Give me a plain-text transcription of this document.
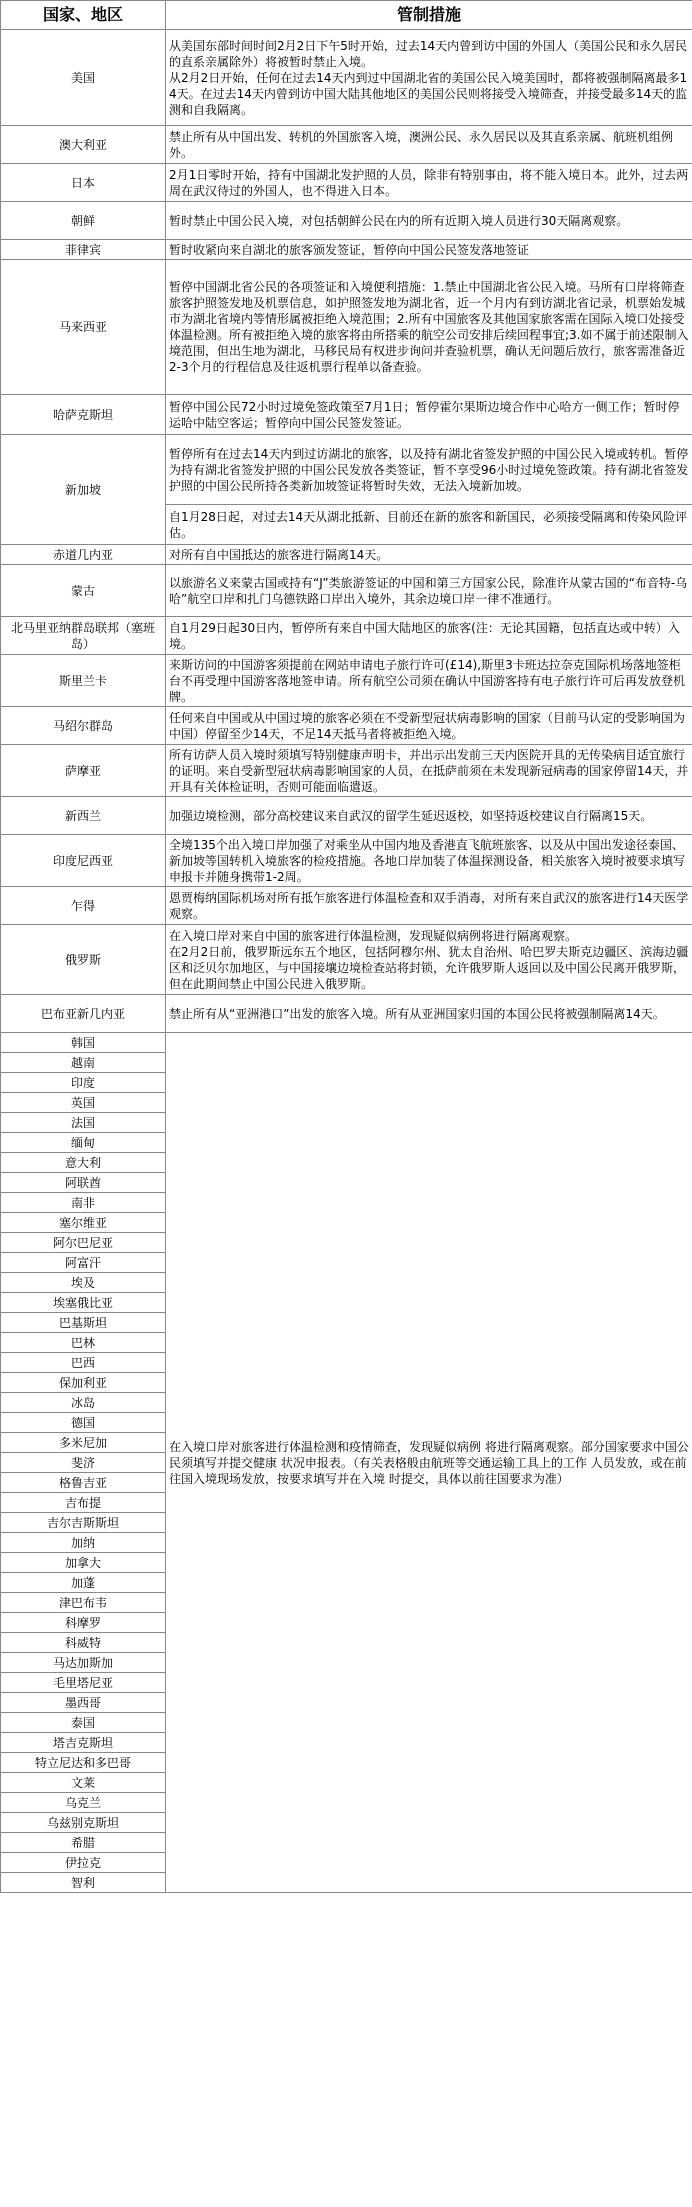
国家、地区	管制措施
美国	从美国东部时间时间2月2日下午5时开始，过去14天内曾到访中国的外国人（美国公民和永久居民的直系亲属除外）将被暂时禁止入境。
从2月2日开始，任何在过去14天内到过中国湖北省的美国公民入境美国时，都将被强制隔离最多14天。在过去14天内曾到访中国大陆其他地区的美国公民则将接受入境筛查，并接受最多14天的监测和自我隔离。
澳大利亚	禁止所有从中国出发、转机的外国旅客入境，澳洲公民、永久居民以及其直系亲属、航班机组例外。
日本	2月1日零时开始，持有中国湖北发护照的人员，除非有特别事由，将不能入境日本。此外，过去两周在武汉待过的外国人，也不得进入日本。
朝鲜	暂时禁止中国公民入境，对包括朝鲜公民在内的所有近期入境人员进行30天隔离观察。
菲律宾	暂时收紧向来自湖北的旅客颁发签证，暂停向中国公民签发落地签证
马来西亚	暂停中国湖北省公民的各项签证和入境便利措施：1.禁止中国湖北省公民入境。马所有口岸将筛查旅客护照签发地及机票信息，如护照签发地为湖北省，近一个月内有到访湖北省记录，机票始发城市为湖北省境内等情形属被拒绝入境范围；2.所有中国旅客及其他国家旅客需在国际入境口处接受体温检测。所有被拒绝入境的旅客将由所搭乘的航空公司安排后续回程事宜;3.如不属于前述限制入境范围，但出生地为湖北，马移民局有权进步询问并查验机票，确认无问题后放行，旅客需准备近2-3个月的行程信息及往返机票行程单以备查验。
哈萨克斯坦	暂停中国公民72小时过境免签政策至7月1日；暂停霍尔果斯边境合作中心哈方一侧工作；暂时停运哈中陆空客运；暂停向中国公民签发签证。
新加坡	暂停所有在过去14天内到过访湖北的旅客，以及持有湖北省签发护照的中国公民入境或转机。暂停为持有湖北省签发护照的中国公民发放各类签证，暂不享受96小时过境免签政策。持有湖北省签发护照的中国公民所持各类新加坡签证将暂时失效，无法入境新加坡。
	自1月28日起，对过去14天从湖北抵新、目前还在新的旅客和新国民，必须接受隔离和传染风险评估。
赤道几内亚	对所有自中国抵达的旅客进行隔离14天。
蒙古	以旅游名义来蒙古国或持有“J”类旅游签证的中国和第三方国家公民，除准许从蒙古国的“布音特-乌哈”航空口岸和扎门乌德铁路口岸出入境外，其余边境口岸一律不准通行。
北马里亚纳群岛联邦（塞班岛）	自1月29日起30日内，暂停所有来自中国大陆地区的旅客(注：无论其国籍，包括直达或中转）入境。
斯里兰卡	来斯访问的中国游客须提前在网站申请电子旅行许可(£14),斯里3卡班达拉奈克国际机场落地签柜台不再受理中国游客落地签申请。所有航空公司须在确认中国游客持有电子旅行许可后再发放登机牌。
马绍尔群岛	任何来自中国或从中国过境的旅客必须在不受新型冠状病毒影响的国家（目前马认定的受影响国为中国）停留至少14天，不足14天抵马者将被拒绝入境。
萨摩亚	所有访萨人员入境时须填写特别健康声明卡，并出示出发前三天内医院开具的无传染病目适宜旅行的证明。来自受新型冠状病毒影响国家的人员，在抵萨前须在未发现新冠病毒的国家停留14天，并开具有关体检证明，否则可能面临遣返。
新西兰	加强边境检测，部分高校建议来自武汉的留学生延迟返校，如坚持返校建议自行隔离15天。
印度尼西亚	全境135个出入境口岸加强了对乘坐从中国内地及香港直飞航班旅客、以及从中国出发途径泰国、新加坡等国转机入境旅客的检疫措施。各地口岸加装了体温探测设备，相关旅客入境时被要求填写申报卡并随身携带1-2周。
乍得	恩贾梅纳国际机场对所有抵乍旅客进行体温检查和双手消毒，对所有来自武汉的旅客进行14天医学观察。
俄罗斯	在入境口岸对来自中国的旅客进行体温检测，发现疑似病例将进行隔离观察。
在2月2日前，俄罗斯远东五个地区，包括阿穆尔州、犹太自治州、哈巴罗夫斯克边疆区、滨海边疆区和泛贝尔加地区，与中国接壤边境检查站将封锁，允许俄罗斯人返回以及中国公民离开俄罗斯，但在此期间禁止中国公民进入俄罗斯。
巴布亚新几内亚	禁止所有从“亚洲港口”出发的旅客入境。所有从亚洲国家归国的本国公民将被强制隔离14天。
韩国	在入境口岸对旅客进行体温检测和疫情筛查，发现疑似病例 将进行隔离观察。部分国家要求中国公民须填写并提交健康 状况申报表。（有关表格般由航班等交通运输工具上的工作 人员发放，或在前往国入境现场发放，按要求填写并在入境 时提交，具体以前往国要求为准）
越南	
印度	
英国	
法国	
缅甸	
意大利	
阿联酋	
南非	
塞尔维亚	
阿尔巴尼亚	
阿富汗	
埃及	
埃塞俄比亚	
巴基斯坦	
巴林	
巴西	
保加利亚	
冰岛	
德国	
多米尼加	
斐济	
格鲁吉亚	
吉布提	
吉尔吉斯斯坦	
加纳	
加拿大	
加蓬	
津巴布韦	
科摩罗	
科威特	
马达加斯加	
毛里塔尼亚	
墨西哥	
泰国	
塔吉克斯坦	
特立尼达和多巴哥	
文莱	
乌克兰	
乌兹别克斯坦	
希腊	
伊拉克	
智利	
